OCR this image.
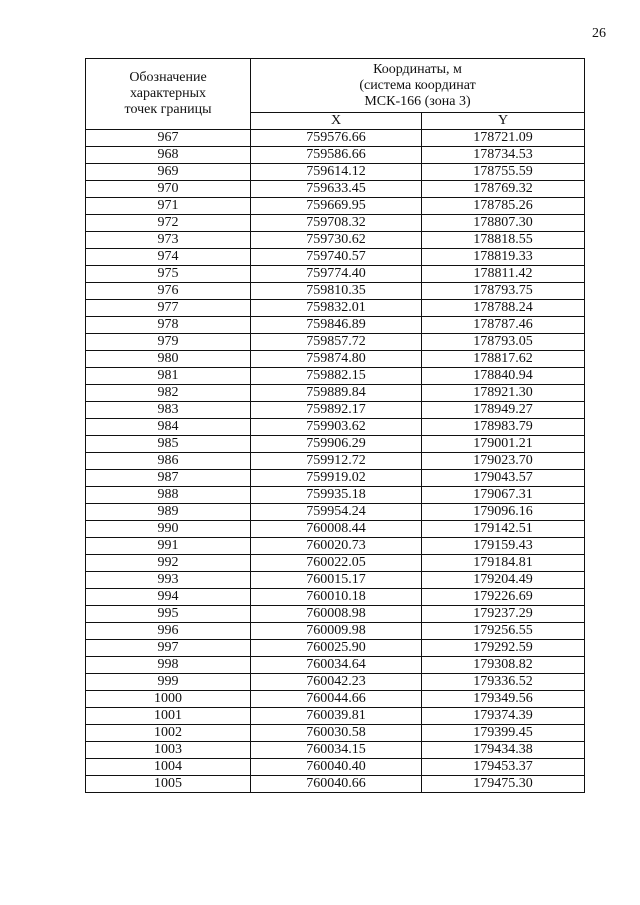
26
Обозначение
характерных
точек границы	Координаты, м
(система координат
МСК-166 (зона 3)	

	X	Y
967	759576.66	178721.09
968	759586.66	178734.53
969	759614.12	178755.59
970	759633.45	178769.32
971	759669.95	178785.26
972	759708.32	178807.30
973	759730.62	178818.55
974	759740.57	178819.33
975	759774.40	178811.42
976	759810.35	178793.75
977	759832.01	178788.24
978	759846.89	178787.46
979	759857.72	178793.05
980	759874.80	178817.62
981	759882.15	178840.94
982	759889.84	178921.30
983	759892.17	178949.27
984	759903.62	178983.79
985	759906.29	179001.21
986	759912.72	179023.70
987	759919.02	179043.57
988	759935.18	179067.31
989	759954.24	179096.16
990	760008.44	179142.51
991	760020.73	179159.43
992	760022.05	179184.81
993	760015.17	179204.49
994	760010.18	179226.69
995	760008.98	179237.29
996	760009.98	179256.55
997	760025.90	179292.59
998	760034.64	179308.82
999	760042.23	179336.52
1000	760044.66	179349.56
1001	760039.81	179374.39
1002	760030.58	179399.45
1003	760034.15	179434.38
1004	760040.40	179453.37
1005	760040.66	179475.30
